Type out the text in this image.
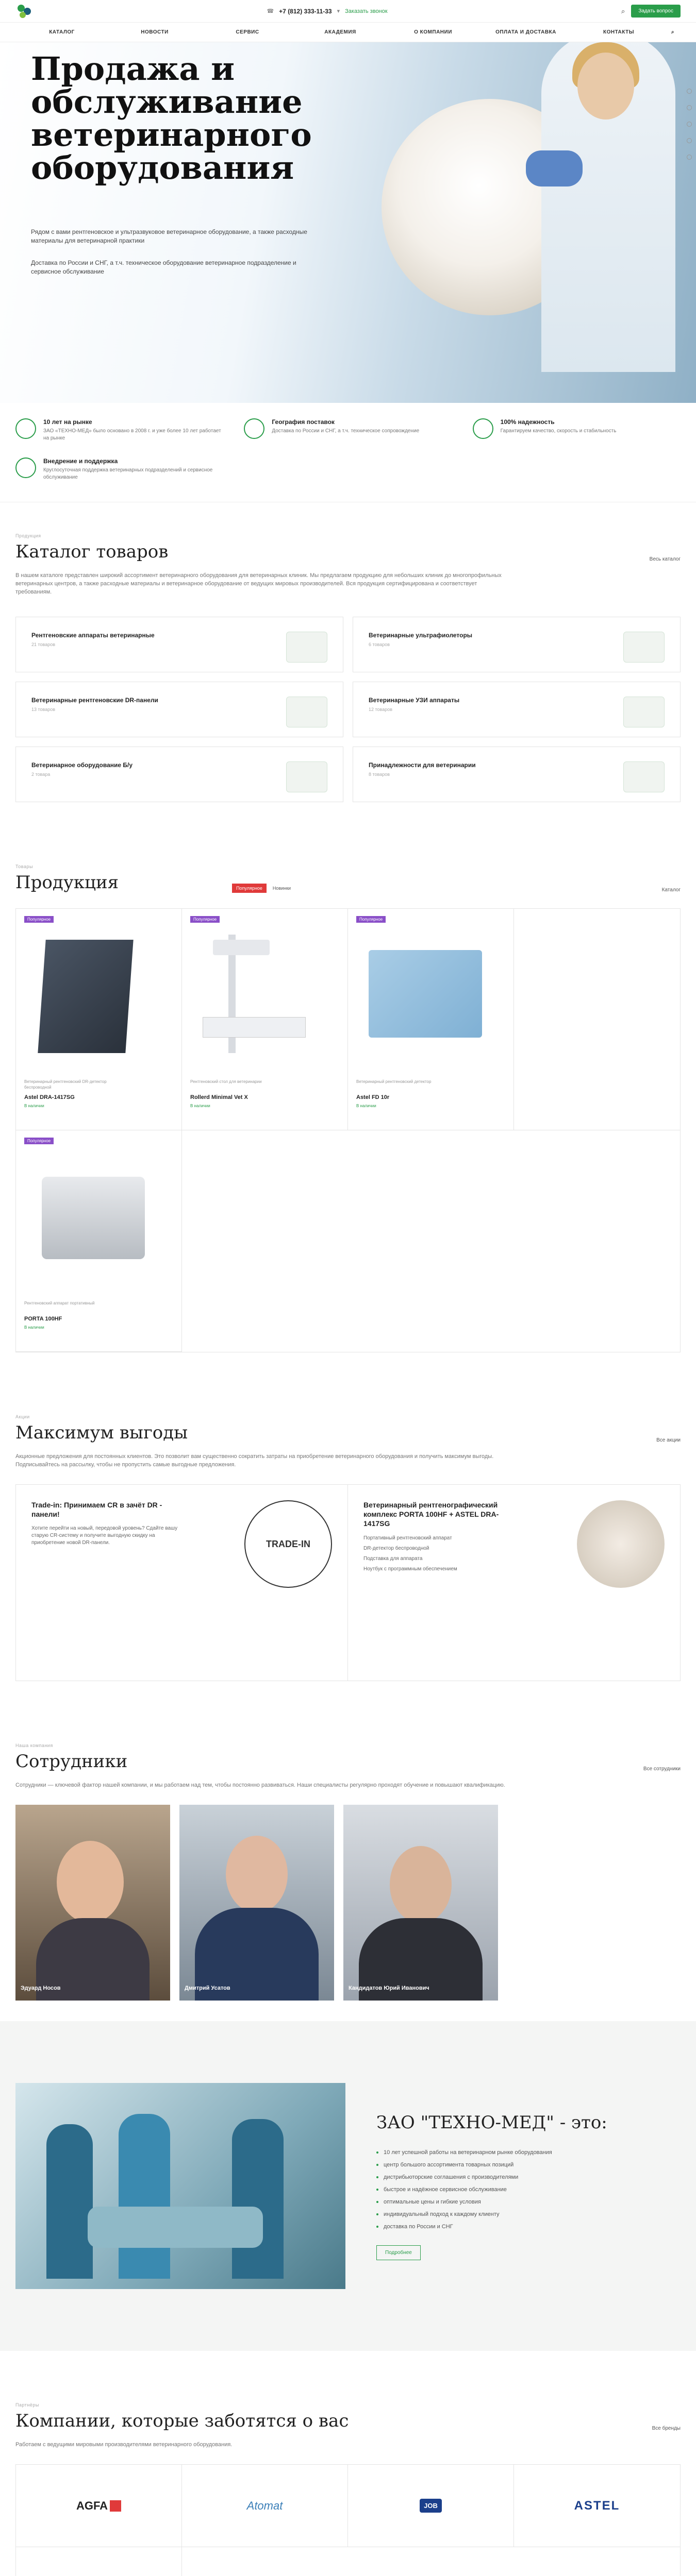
☎ +7 (812) 333-11-33 ▾ Заказать звонок	⌕	Задать вопрос
КАТАЛОГ	НОВОСТИ	СЕРВИС	АКАДЕМИЯ	О КОМПАНИИ	ОПЛАТА И ДОСТАВКА	КОНТАКТЫ	⌕
Продажа и обслуживание ветеринарного оборудования
Рядом с вами рентгеновское и ультразвуковое ветеринарное оборудование, а также расходные материалы для ветеринарной практики
Доставка по России и СНГ, а т.ч. техническое оборудование ветеринарное подразделение и сервисное обслуживание
10 лет на рынке

ЗАО «ТЕХНО-МЕД» было основано в 2008 г. и уже более 10 лет работает на рынке

География поставок

Доставка по России и СНГ, а т.ч. техническое сопровождение

100% надежность

Гарантируем качество, скорость и стабильность

Внедрение и поддержка

Круглосуточная поддержка ветеринарных подразделений и сервисное обслуживание

Продукция
Каталог товаров	Весь каталог

В нашем каталоге представлен широкий ассортимент ветеринарного оборудования для ветеринарных клиник. Мы предлагаем продукцию для небольших клиник до многопрофильных ветеринарных центров, а также расходные материалы и ветеринарное оборудование от ведущих мировых производителей. Вся продукция сертифицирована и соответствует требованиям.

Рентгеновские аппараты ветеринарные
21 товаров
Ветеринарные ультрафиолеторы
6 товаров
Ветеринарные рентгеновские DR-панели
13 товаров
Ветеринарные УЗИ аппараты
12 товаров
Ветеринарное оборудование Б/у
2 товара
Принадлежности для ветеринарии
8 товаров
Товары
Продукция	Популярное	Новинки	Каталог
Популярное

Ветеринарный рентгеновский DR-детектор беспроводной

Astel DRA-1417SG
В наличии
Популярное

Рентгеновский стол для ветеринарии

Rollerd Minimal Vet X
В наличии
Популярное

Ветеринарный рентгеновский детектор

Astel FD 10r
В наличии
Популярное

Рентгеновский аппарат портативный

PORTA 100HF
В наличии
Акции
Максимум выгоды	Все акции

Акционные предложения для постоянных клиентов. Это позволит вам существенно сократить затраты на приобретение ветеринарного оборудования и получить максимум выгоды. Подписывайтесь на рассылку, чтобы не пропустить самые выгодные предложения.

Trade-in: Принимаем CR в зачёт DR - панели!

Хотите перейти на новый, передовой уровень? Сдайте вашу старую CR-систему и получите выгодную скидку на приобретение новой DR-панели.	TRADE-IN
Ветеринарный рентгенографический комплекс PORTA 100HF + ASTEL DRA-1417SG
Портативный рентгеновский аппарат
DR-детектор беспроводной
Подставка для аппарата
Ноутбук с программным обеспечением
Наша компания
Сотрудники	Все сотрудники

Сотрудники — ключевой фактор нашей компании, и мы работаем над тем, чтобы постоянно развиваться. Наши специалисты регулярно проходят обучение и повышают квалификацию.

Эдуард Носов	Дмитрий Усатов	Кандидатов Юрий Иванович
ЗАО "ТЕХНО-МЕД" - это:
10 лет успешной работы на ветеринарном рынке оборудования
центр большого ассортимента товарных позиций
дистрибьюторские соглашения с производителями
быстрое и надёжное сервисное обслуживание
оптимальные цены и гибкие условия
индивидуальный подход к каждому клиенту
доставка по России и СНГ
Подробнее
Партнёры
Компании, которые заботятся о вас	Все бренды

Работаем с ведущими мировыми производителями ветеринарного оборудования.

AGFA	Atomat	JOB	ASTEL
